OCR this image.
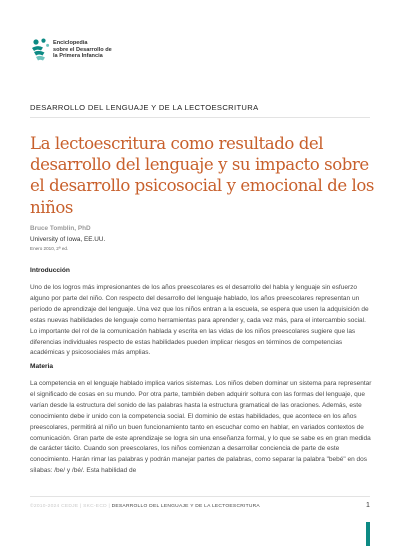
Enciclopedia
sobre el Desarrollo de
la Primera Infancia
DESARROLLO DEL LENGUAJE Y DE LA LECTOESCRITURA
La lectoescritura como resultado del desarrollo del lenguaje y su impacto sobre el desarrollo psicosocial y emocional de los niños
Bruce Tomblin, PhD
University of Iowa, EE.UU.
Enero 2010, 2ª ed.
Introducción

Uno de los logros más impresionantes de los años preescolares es el desarrollo del habla y lenguaje sin esfuerzo alguno por parte del niño. Con respecto del desarrollo del lenguaje hablado, los años preescolares representan un período de aprendizaje del lenguaje. Una vez que los niños entran a la escuela, se espera que usen la adquisición de estas nuevas habilidades de lenguaje como herramientas para aprender y, cada vez más, para el intercambio social. Lo importante del rol de la comunicación hablada y escrita en las vidas de los niños preescolares sugiere que las diferencias individuales respecto de estas habilidades pueden implicar riesgos en términos de competencias académicas y psicosociales más amplias.

Materia

La competencia en el lenguaje hablado implica varios sistemas. Los niños deben dominar un sistema para representar el significado de cosas en su mundo. Por otra parte, también deben adquirir soltura con las formas del lenguaje, que varían desde la estructura del sonido de las palabras hasta la estructura gramatical de las oraciones. Además, este conocimiento debe ir unido con la competencia social. El dominio de estas habilidades, que acontece en los años preescolares, permitirá al niño un buen funcionamiento tanto en escuchar como en hablar, en variados contextos de comunicación. Gran parte de este aprendizaje se logra sin una enseñanza formal, y lo que se sabe es en gran medida de carácter tácito. Cuando son preescolares, los niños comienzan a desarrollar conciencia de parte de este conocimiento. Harán rimar las palabras y podrán manejar partes de palabras, como separar la palabra "bebé" en dos sílabas: /be/ y /bé/. Esta habilidad de

©2010-2024 CEDJE | SKC-ECD | DESARROLLO DEL LENGUAJE Y DE LA LECTOESCRITURA	1
